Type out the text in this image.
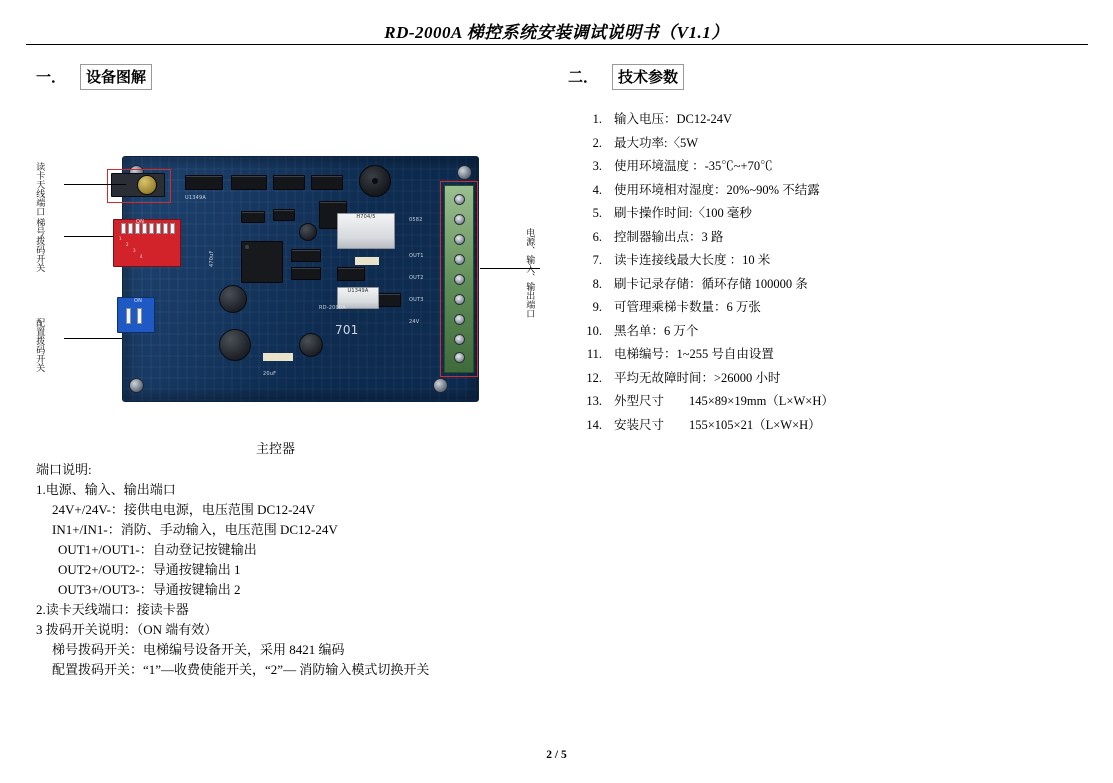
RD-2000A 梯控系统安装调试说明书（V1.1）
一． 设备图解	二． 技术参数
H704/5
U1349A
U1349A
470uF
701
RD-2000A
20uF
0582
OUT1
OUT2
OUT3
24V
ON
1
2
3
4
ON
读卡天线端口
梯号拨码开关
配置拨码开关
电源、输入、输出端口
主控器
端口说明:
1.电源、输入、输出端口
24V+/24V-：接供电电源，电压范围 DC12-24V
IN1+/IN1-：消防、手动输入，电压范围 DC12-24V
OUT1+/OUT1-：自动登记按键输出
OUT2+/OUT2-：导通按键输出 1
OUT3+/OUT3-：导通按键输出 2
2.读卡天线端口：接读卡器
3 拨码开关说明：（ON 端有效）
梯号拨码开关：电梯编号设备开关，采用 8421 编码
配置拨码开关：“1”—收费使能开关，“2”— 消防输入模式切换开关
1. 输入电压：DC12-24V
2. 最大功率:〈5W
3. 使用环境温度 ：-35℃~+70℃
4. 使用环境相对湿度：20%~90% 不结露
5. 刷卡操作时间:〈100 毫秒
6. 控制器输出点：3 路
7. 读卡连接线最大长度 ：10 米
8. 刷卡记录存储：循环存储 100000 条
9. 可管理乘梯卡数量：6 万张
10. 黑名单：6 万个
11. 电梯编号：1~255 号自由设置
12. 平均无故障时间：>26000 小时
13. 外型尺寸　　145×89×19mm（L×W×H）
14. 安装尺寸　　155×105×21（L×W×H）
2 / 5
